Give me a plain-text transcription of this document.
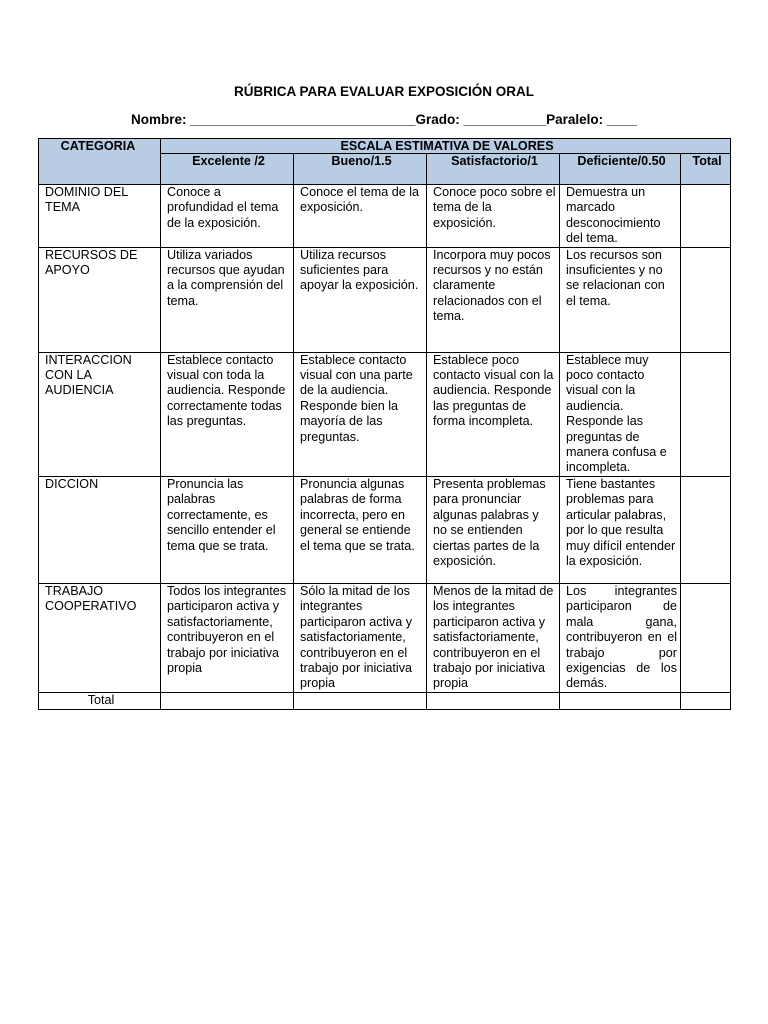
RÚBRICA PARA EVALUAR EXPOSICIÓN ORAL
Nombre: ______________________________Grado: ___________Paralelo: ____
CATEGORIA	ESCALA ESTIMATIVA DE VALORES				
	Excelente /2	Bueno/1.5	Satisfactorio/1	Deficiente/0.50	Total
DOMINIO DEL TEMA	Conoce a profundidad el tema de la exposición.	Conoce el tema de la exposición.	Conoce poco sobre el tema de la exposición.	Demuestra un marcado desconocimiento del tema.	
RECURSOS DE APOYO	Utiliza variados recursos que ayudan a la comprensión del tema.	Utiliza recursos suficientes para apoyar la exposición.	Incorpora muy pocos recursos y no están claramente relacionados con el tema.	Los recursos son insuficientes y no se relacionan con el tema.	
INTERACCION CON LA AUDIENCIA	Establece contacto visual con toda la audiencia. Responde correctamente todas las preguntas.	Establece contacto visual con una parte de la audiencia. Responde bien la mayoría de las preguntas.	Establece poco contacto visual con la audiencia. Responde las preguntas de forma incompleta.	Establece muy poco contacto visual con la audiencia. Responde las preguntas de manera confusa e incompleta.	
DICCION	Pronuncia las palabras correctamente, es sencillo entender el tema que se trata.	Pronuncia algunas palabras de forma incorrecta, pero en general se entiende el tema que se trata.	Presenta problemas para pronunciar algunas palabras y no se entienden ciertas partes de la exposición.	Tiene bastantes problemas para articular palabras, por lo que resulta muy difícil entender la exposición.	
TRABAJO COOPERATIVO	Todos los integrantes participaron activa y satisfactoriamente, contribuyeron en el trabajo por iniciativa propia	Sólo la mitad de los integrantes participaron activa y satisfactoriamente, contribuyeron en el trabajo por iniciativa propia	Menos de la mitad de los integrantes participaron activa y satisfactoriamente, contribuyeron en el trabajo por iniciativa propia	Los integrantes participaron de mala gana, contribuyeron en el trabajo por exigencias de los demás.	
Total					
